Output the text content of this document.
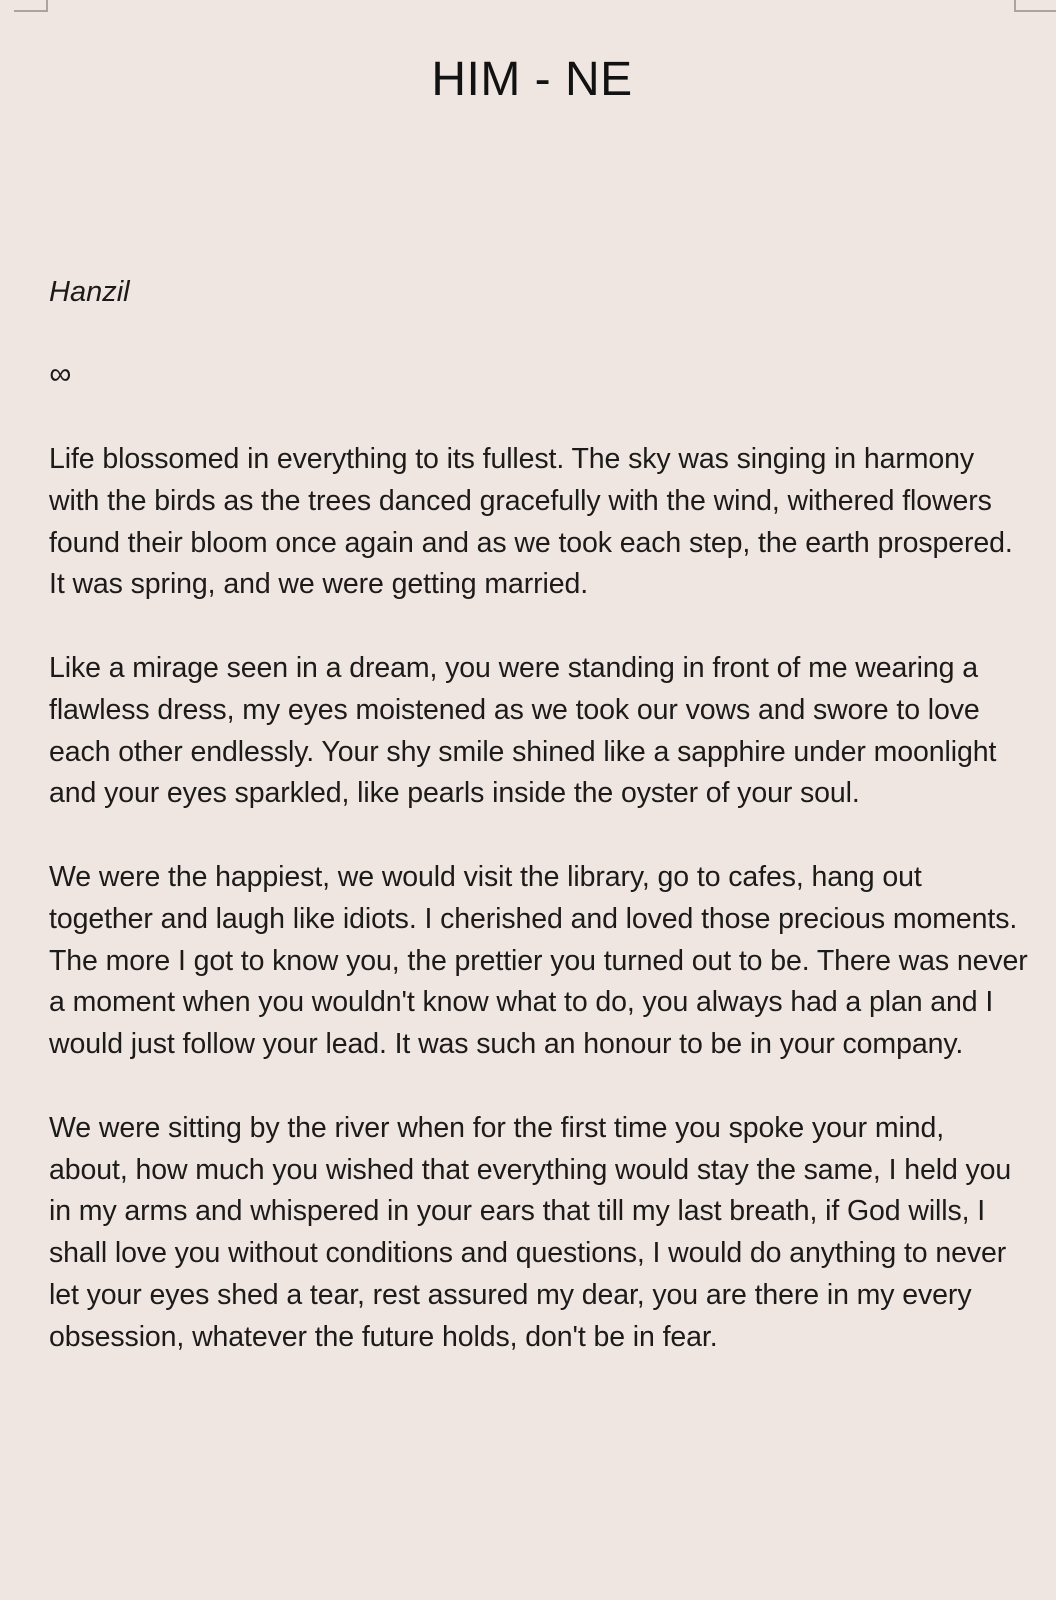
HIM - NE

Hanzil

∞

Life blossomed in everything to its fullest. The sky was singing in harmony with the birds as the trees danced gracefully with the wind, withered flowers found their bloom once again and as we took each step, the earth prospered. It was spring, and we were getting married.

Like a mirage seen in a dream, you were standing in front of me wearing a flawless dress, my eyes moistened as we took our vows and swore to love each other endlessly. Your shy smile shined like a sapphire under moonlight and your eyes sparkled, like pearls inside the oyster of your soul.

We were the happiest, we would visit the library, go to cafes, hang out together and laugh like idiots. I cherished and loved those precious moments. The more I got to know you, the prettier you turned out to be. There was never a moment when you wouldn't know what to do, you always had a plan and I would just follow your lead. It was such an honour to be in your company.

We were sitting by the river when for the first time you spoke your mind, about, how much you wished that everything would stay the same, I held you in my arms and whispered in your ears that till my last breath, if God wills, I shall love you without conditions and questions, I would do anything to never let your eyes shed a tear, rest assured my dear, you are there in my every obsession, whatever the future holds, don't be in fear.
